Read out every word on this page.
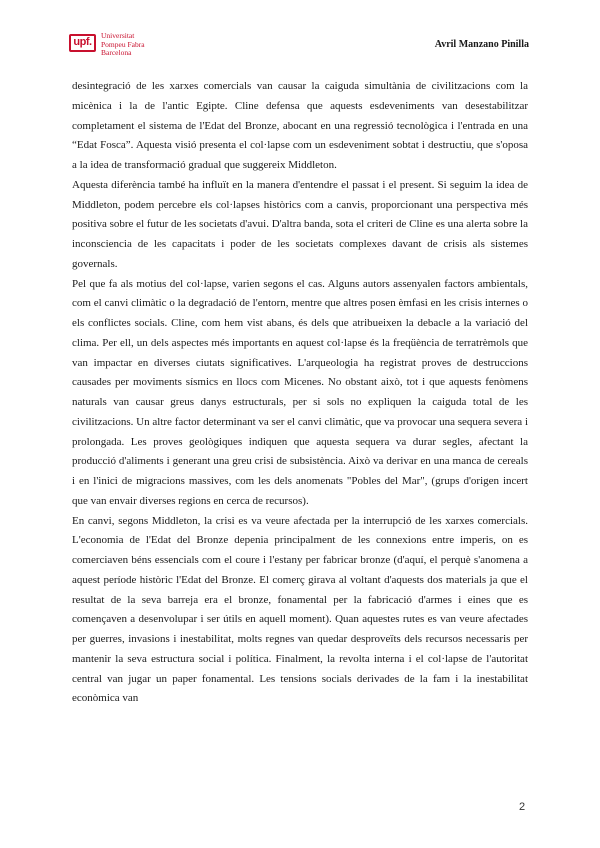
upf.
Universitat
Pompeu Fabra
Barcelona
Avril Manzano Pinilla

desintegració de les xarxes comercials van causar la caiguda simultània de civilitzacions com la micènica i la de l'antic Egipte. Cline defensa que aquests esdeveniments van desestabilitzar completament el sistema de l'Edat del Bronze, abocant en una regressió tecnològica i l'entrada en una “Edat Fosca”. Aquesta visió presenta el col·lapse com un esdeveniment sobtat i destructiu, que s'oposa a la idea de transformació gradual que suggereix Middleton.

Aquesta diferència també ha influït en la manera d'entendre el passat i el present. Si seguim la idea de Middleton, podem percebre els col·lapses històrics com a canvis, proporcionant una perspectiva més positiva sobre el futur de les societats d'avui. D'altra banda, sota el criteri de Cline es una alerta sobre la inconsciencia de les capacitats i poder de les societats complexes davant de crisis als sistemes governals.

Pel que fa als motius del col·lapse, varien segons el cas. Alguns autors assenyalen factors ambientals, com el canvi climàtic o la degradació de l'entorn, mentre que altres posen èmfasi en les crisis internes o els conflictes socials. Cline, com hem vist abans, és dels que atribueixen la debacle a la variació del clima. Per ell, un dels aspectes més importants en aquest col·lapse és la freqüència de terratrèmols que van impactar en diverses ciutats significatives. L'arqueologia ha registrat proves de destruccions causades per moviments sísmics en llocs com Micenes. No obstant això, tot i que aquests fenòmens naturals van causar greus danys estructurals, per si sols no expliquen la caiguda total de les civilitzacions. Un altre factor determinant va ser el canvi climàtic, que va provocar una sequera severa i prolongada. Les proves geològiques indiquen que aquesta sequera va durar segles, afectant la producció d'aliments i generant una greu crisi de subsistència. Això va derivar en una manca de cereals i en l'inici de migracions massives, com les dels anomenats "Pobles del Mar", (grups d'origen incert que van envair diverses regions en cerca de recursos).

En canvi, segons Middleton, la crisi es va veure afectada per la interrupció de les xarxes comercials. L'economia de l'Edat del Bronze depenia principalment de les connexions entre imperis, on es comerciaven béns essencials com el coure i l'estany per fabricar bronze (d'aquí, el perquè s'anomena a aquest període històric l'Edat del Bronze. El comerç girava al voltant d'aquests dos materials ja que el resultat de la seva barreja era el bronze, fonamental per la fabricació d'armes i eines que es començaven a desenvolupar i ser útils en aquell moment). Quan aquestes rutes es van veure afectades per guerres, invasions i inestabilitat, molts regnes van quedar desproveïts dels recursos necessaris per mantenir la seva estructura social i política. Finalment, la revolta interna i el col·lapse de l'autoritat central van jugar un paper fonamental. Les tensions socials derivades de la fam i la inestabilitat econòmica van

2
